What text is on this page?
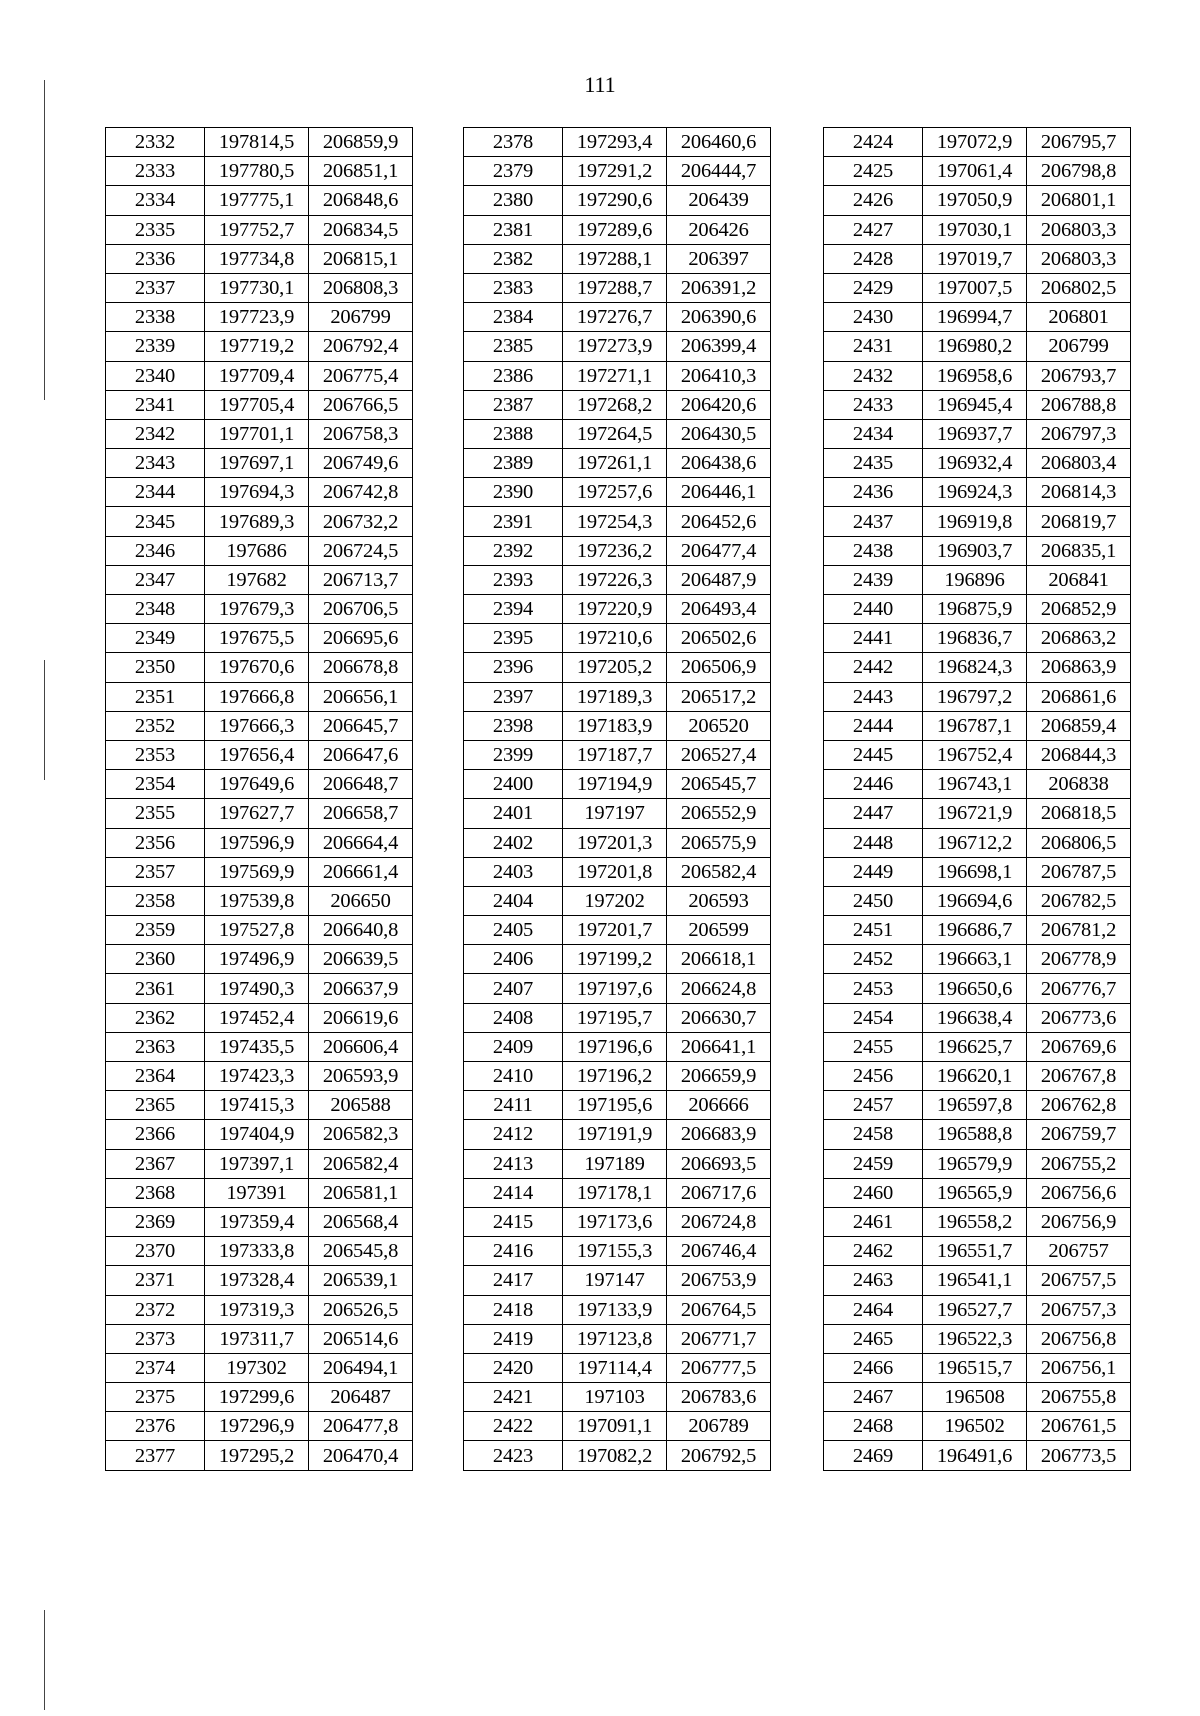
111
2332	197814,5	206859,9
2333	197780,5	206851,1
2334	197775,1	206848,6
2335	197752,7	206834,5
2336	197734,8	206815,1
2337	197730,1	206808,3
2338	197723,9	206799
2339	197719,2	206792,4
2340	197709,4	206775,4
2341	197705,4	206766,5
2342	197701,1	206758,3
2343	197697,1	206749,6
2344	197694,3	206742,8
2345	197689,3	206732,2
2346	197686	206724,5
2347	197682	206713,7
2348	197679,3	206706,5
2349	197675,5	206695,6
2350	197670,6	206678,8
2351	197666,8	206656,1
2352	197666,3	206645,7
2353	197656,4	206647,6
2354	197649,6	206648,7
2355	197627,7	206658,7
2356	197596,9	206664,4
2357	197569,9	206661,4
2358	197539,8	206650
2359	197527,8	206640,8
2360	197496,9	206639,5
2361	197490,3	206637,9
2362	197452,4	206619,6
2363	197435,5	206606,4
2364	197423,3	206593,9
2365	197415,3	206588
2366	197404,9	206582,3
2367	197397,1	206582,4
2368	197391	206581,1
2369	197359,4	206568,4
2370	197333,8	206545,8
2371	197328,4	206539,1
2372	197319,3	206526,5
2373	197311,7	206514,6
2374	197302	206494,1
2375	197299,6	206487
2376	197296,9	206477,8
2377	197295,2	206470,4
2378	197293,4	206460,6
2379	197291,2	206444,7
2380	197290,6	206439
2381	197289,6	206426
2382	197288,1	206397
2383	197288,7	206391,2
2384	197276,7	206390,6
2385	197273,9	206399,4
2386	197271,1	206410,3
2387	197268,2	206420,6
2388	197264,5	206430,5
2389	197261,1	206438,6
2390	197257,6	206446,1
2391	197254,3	206452,6
2392	197236,2	206477,4
2393	197226,3	206487,9
2394	197220,9	206493,4
2395	197210,6	206502,6
2396	197205,2	206506,9
2397	197189,3	206517,2
2398	197183,9	206520
2399	197187,7	206527,4
2400	197194,9	206545,7
2401	197197	206552,9
2402	197201,3	206575,9
2403	197201,8	206582,4
2404	197202	206593
2405	197201,7	206599
2406	197199,2	206618,1
2407	197197,6	206624,8
2408	197195,7	206630,7
2409	197196,6	206641,1
2410	197196,2	206659,9
2411	197195,6	206666
2412	197191,9	206683,9
2413	197189	206693,5
2414	197178,1	206717,6
2415	197173,6	206724,8
2416	197155,3	206746,4
2417	197147	206753,9
2418	197133,9	206764,5
2419	197123,8	206771,7
2420	197114,4	206777,5
2421	197103	206783,6
2422	197091,1	206789
2423	197082,2	206792,5
2424	197072,9	206795,7
2425	197061,4	206798,8
2426	197050,9	206801,1
2427	197030,1	206803,3
2428	197019,7	206803,3
2429	197007,5	206802,5
2430	196994,7	206801
2431	196980,2	206799
2432	196958,6	206793,7
2433	196945,4	206788,8
2434	196937,7	206797,3
2435	196932,4	206803,4
2436	196924,3	206814,3
2437	196919,8	206819,7
2438	196903,7	206835,1
2439	196896	206841
2440	196875,9	206852,9
2441	196836,7	206863,2
2442	196824,3	206863,9
2443	196797,2	206861,6
2444	196787,1	206859,4
2445	196752,4	206844,3
2446	196743,1	206838
2447	196721,9	206818,5
2448	196712,2	206806,5
2449	196698,1	206787,5
2450	196694,6	206782,5
2451	196686,7	206781,2
2452	196663,1	206778,9
2453	196650,6	206776,7
2454	196638,4	206773,6
2455	196625,7	206769,6
2456	196620,1	206767,8
2457	196597,8	206762,8
2458	196588,8	206759,7
2459	196579,9	206755,2
2460	196565,9	206756,6
2461	196558,2	206756,9
2462	196551,7	206757
2463	196541,1	206757,5
2464	196527,7	206757,3
2465	196522,3	206756,8
2466	196515,7	206756,1
2467	196508	206755,8
2468	196502	206761,5
2469	196491,6	206773,5
